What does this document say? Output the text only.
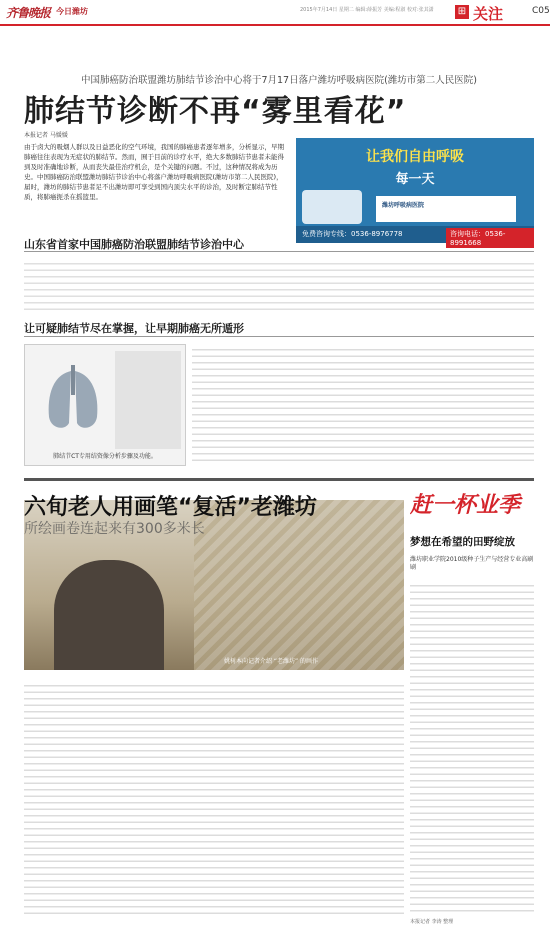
齐鲁晚报 今日潍坊	2015年7月14日 星期二 编辑:薛振芳 美编:程淑 校对:张其潇 ⊞ 关注	C05
中国肺癌防治联盟潍坊肺结节诊治中心将于7月17日落户潍坊呼吸病医院(潍坊市第二人民医院)
肺结节诊断不再“雾里看花”
本报记者 马媛媛
由于卤大的吸烟人群以及日益恶化的空气环境，我国的肺癌患者逐年增多，分析显示，早期肺癌往往表现为无症状的肺结节。然而，囿于目前的诊疗水平，绝大多数肺结节患者未能得到及时准确地诊断，从而丧失最佳治疗机会，是个关键的问题。不过，这种情况将成为历史。中国肺癌防治联盟潍坊肺结节诊治中心将落户潍坊呼吸病医院(潍坊市第二人民医院)，届时，潍坊的肺结节患者足不出潍坊即可享受到国内顶尖水平的诊治，及时断定肺结节性质，将肺癌扼杀在摇篮里。
让我们自由呼吸
每一天
潍坊呼吸病医院
免费咨询专线：0536-8976778	咨询电话：0536-8991668
山东省首家中国肺癌防治联盟肺结节诊治中心
让可疑肺结节尽在掌握，让早期肺癌无所遁形
肺结节CT专用结资像分析步骤及功能。
姚树本向记者介绍 “老潍坊” 的画作
六旬老人用画笔“复活”老潍坊
所绘画卷连起来有300多米长
赶一杯业季
梦想在希望的田野绽放
潍坊职业学院2010级种子生产与经营专业高刷刷
本报记者 李涛 整理
